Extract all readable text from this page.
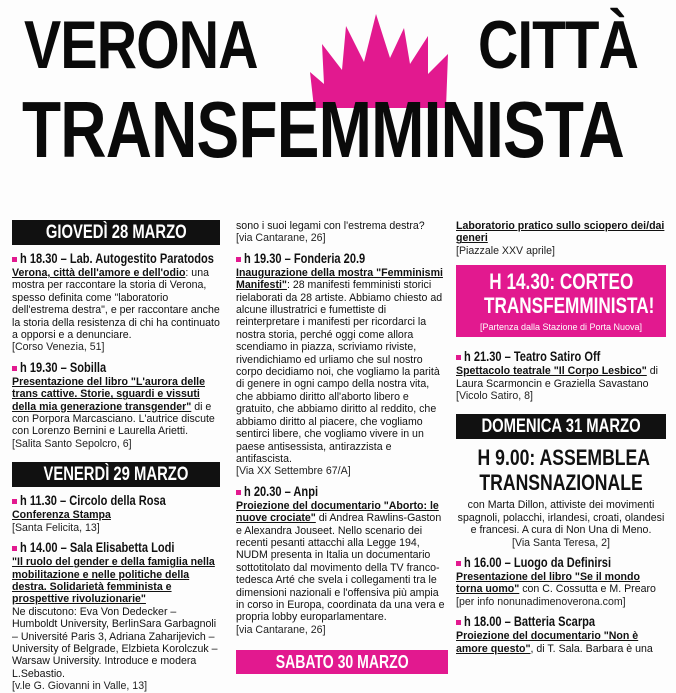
VERONA	CITTÀ
TRANSFEMMINISTA
GIOVEDÌ 28 MARZO
h 18.30 – Lab. Autogestito Paratodos

Verona, città dell'amore e dell'odio: una mostra per raccontare la storia di Verona, spesso definita come "laboratorio dell'estrema destra", e per raccontare anche la storia della resistenza di chi ha continuato a opporsi e a denunciare.

[Corso Venezia, 51]

h 19.30 – Sobilla

Presentazione del libro "L'aurora delle trans cattive. Storie, sguardi e vissuti della mia generazione transgender" di e con Porpora Marcasciano. L'autrice discute con Lorenzo Bernini e Laurella Arietti.

[Salita Santo Sepolcro, 6]

VENERDÌ 29 MARZO
h 11.30 – Circolo della Rosa

Conferenza Stampa

[Santa Felicita, 13]

h 14.00 – Sala Elisabetta Lodi

"Il ruolo del gender e della famiglia nella mobilitazione e nelle politiche della destra. Solidarietà femminista e prospettive rivoluzionarie"

Ne discutono: Eva Von Dedecker – Humboldt University, BerlinSara Garbagnoli – Université Paris 3, Adriana Zaharijevich – University of Belgrade, Elzbieta Korolczuk – Warsaw University. Introduce e modera L.Sebastio.

[v.le G. Giovanni in Valle, 13]

sono i suoi legami con l'estrema destra?

[via Cantarane, 26]

h 19.30 – Fonderia 20.9

Inaugurazione della mostra "Femminismi Manifesti": 28 manifesti femministi storici rielaborati da 28 artiste. Abbiamo chiesto ad alcune illustratrici e fumettiste di reinterpretare i manifesti per ricordarci la nostra storia, perché oggi come allora scendiamo in piazza, scriviamo riviste, rivendichiamo ed urliamo che sul nostro corpo decidiamo noi, che vogliamo la parità di genere in ogni campo della nostra vita, che abbiamo diritto all'aborto libero e gratuito, che abbiamo diritto al reddito, che abbiamo diritto al piacere, che vogliamo sentirci libere, che vogliamo vivere in un paese antisessista, antirazzista e antifascista.

[Via XX Settembre 67/A]

h 20.30 – Anpi

Proiezione del documentario "Aborto: le nuove crociate" di Andrea Rawlins-Gaston e Alexandra Jouseet. Nello scenario dei recenti pesanti attacchi alla Legge 194, NUDM presenta in Italia un documentario sottotitolato dal movimento della TV franco-tedesca Arté che svela i collegamenti tra le dimensioni nazionali e l'offensiva più ampia in corso in Europa, coordinata da una vera e propria lobby europarlamentare.

[via Cantarane, 26]

SABATO 30 MARZO

Laboratorio pratico sullo sciopero dei/dai generi

[Piazzale XXV aprile]

H 14.30: CORTEO
TRANSFEMMINISTA!
[Partenza dalla Stazione di Porta Nuova]
h 21.30 – Teatro Satiro Off

Spettacolo teatrale "Il Corpo Lesbico" di Laura Scarmoncin e Graziella Savastano

[Vicolo Satiro, 8]

DOMENICA 31 MARZO
H 9.00: ASSEMBLEA
TRANSNAZIONALE

con Marta Dillon, attiviste dei movimenti spagnoli, polacchi, irlandesi, croati, olandesi e francesi. A cura di Non Una di Meno.

[Via Santa Teresa, 2]

h 16.00 – Luogo da Definirsi

Presentazione del libro "Se il mondo torna uomo" con C. Cossutta e M. Prearo

[per info nonunadimenoverona.com]

h 18.00 – Batteria Scarpa

Proiezione del documentario "Non è amore questo", di T. Sala. Barbara è una
